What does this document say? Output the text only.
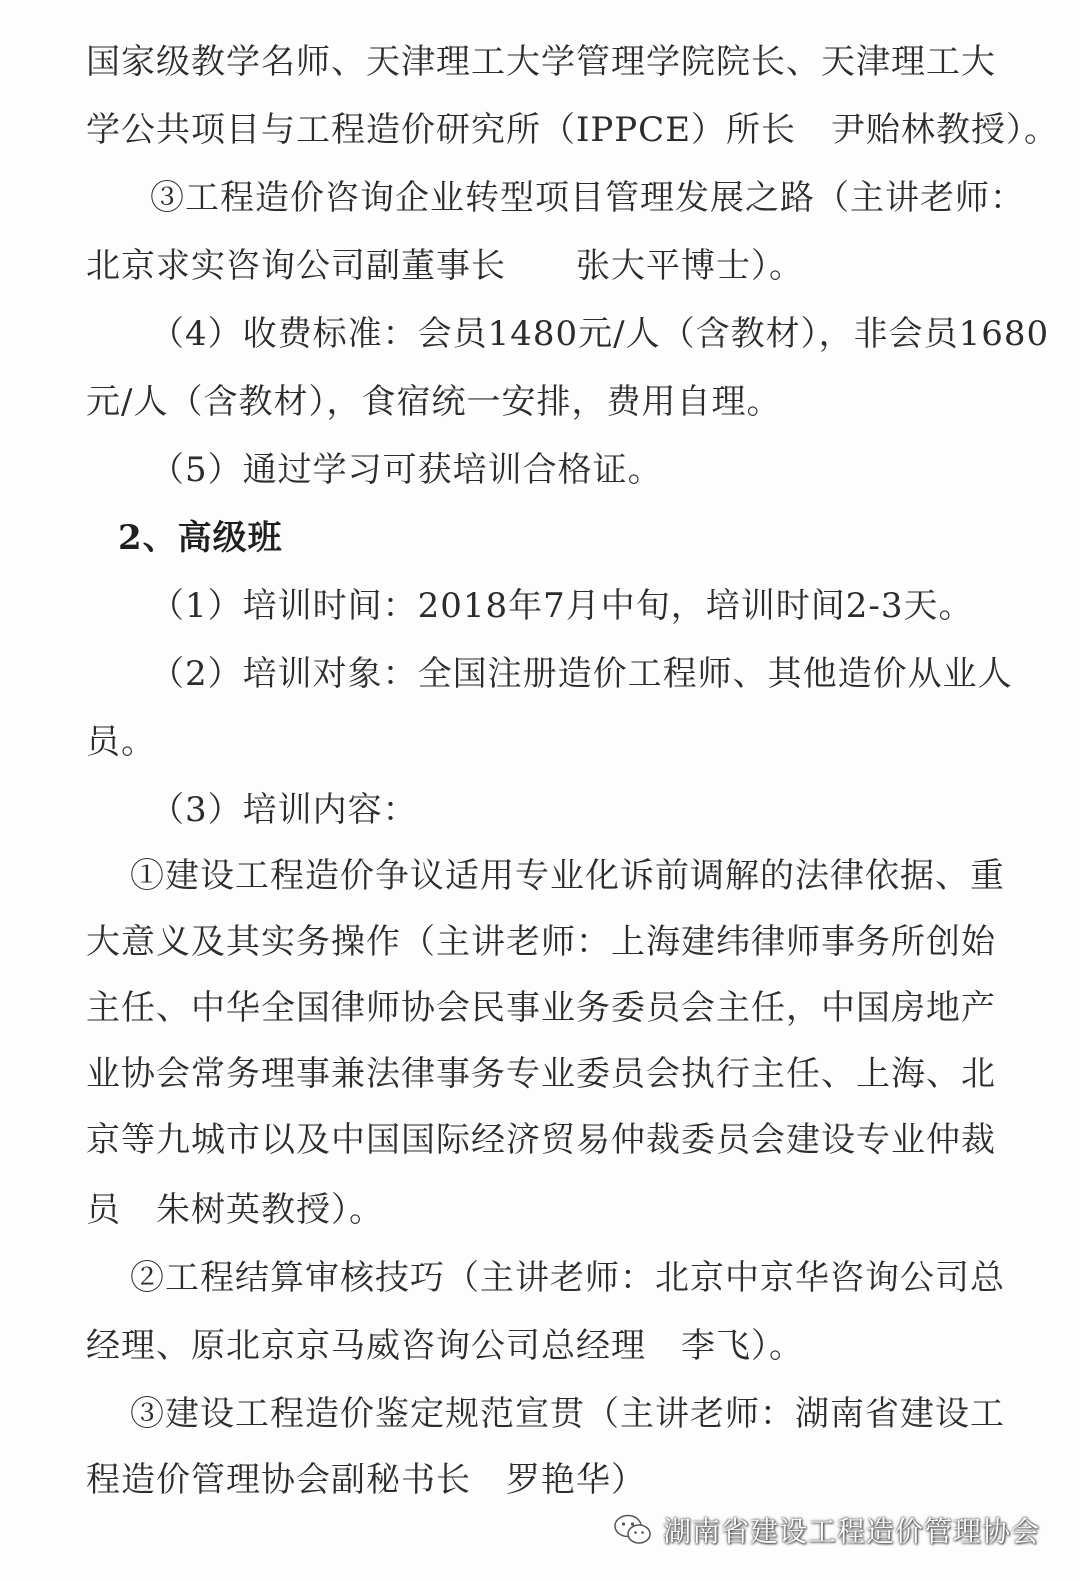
国家级教学名师、天津理工大学管理学院院长、天津理工大
学公共项目与工程造价研究所（IPPCE）所长　尹贻林教授）。
③工程造价咨询企业转型项目管理发展之路（主讲老师：
北京求实咨询公司副董事长　　张大平博士）。
（4）收费标准：会员1480元/人（含教材），非会员1680
元/人（含教材），食宿统一安排，费用自理。
（5）通过学习可获培训合格证。
2、高级班
（1）培训时间：2018年7月中旬，培训时间2-3天。
（2）培训对象：全国注册造价工程师、其他造价从业人
员。
（3）培训内容：
①建设工程造价争议适用专业化诉前调解的法律依据、重
大意义及其实务操作（主讲老师：上海建纬律师事务所创始
主任、中华全国律师协会民事业务委员会主任，中国房地产
业协会常务理事兼法律事务专业委员会执行主任、上海、北
京等九城市以及中国国际经济贸易仲裁委员会建设专业仲裁
员　朱树英教授）。
②工程结算审核技巧（主讲老师：北京中京华咨询公司总
经理、原北京京马威咨询公司总经理　李飞）。
③建设工程造价鉴定规范宣贯（主讲老师：湖南省建设工
程造价管理协会副秘书长　罗艳华）
湖南省建设工程造价管理协会
